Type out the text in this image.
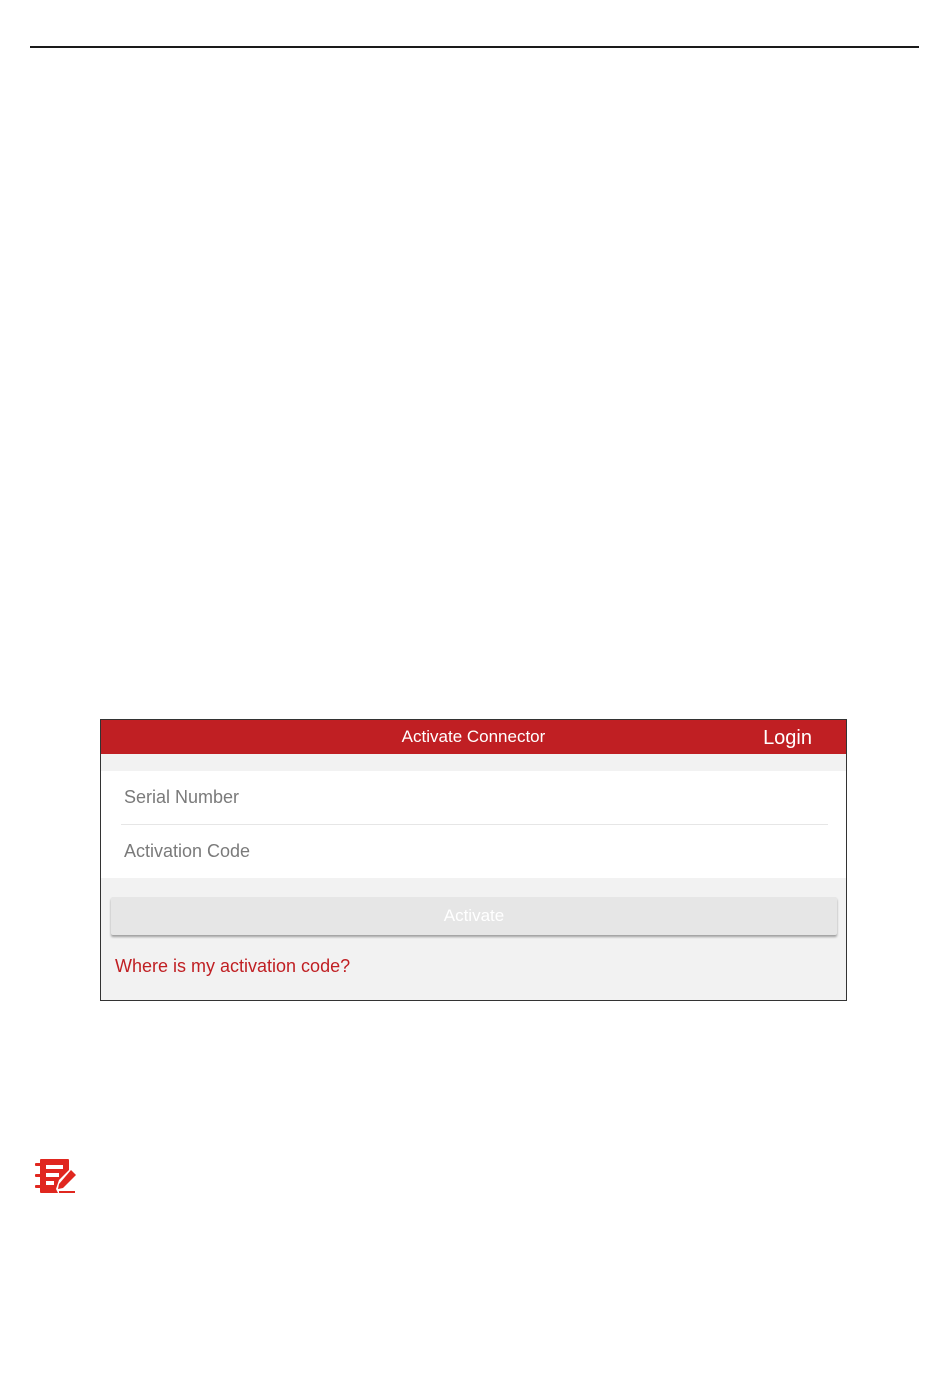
Activate Connector	Login
Serial Number
Activation Code
Activate
Where is my activation code?
